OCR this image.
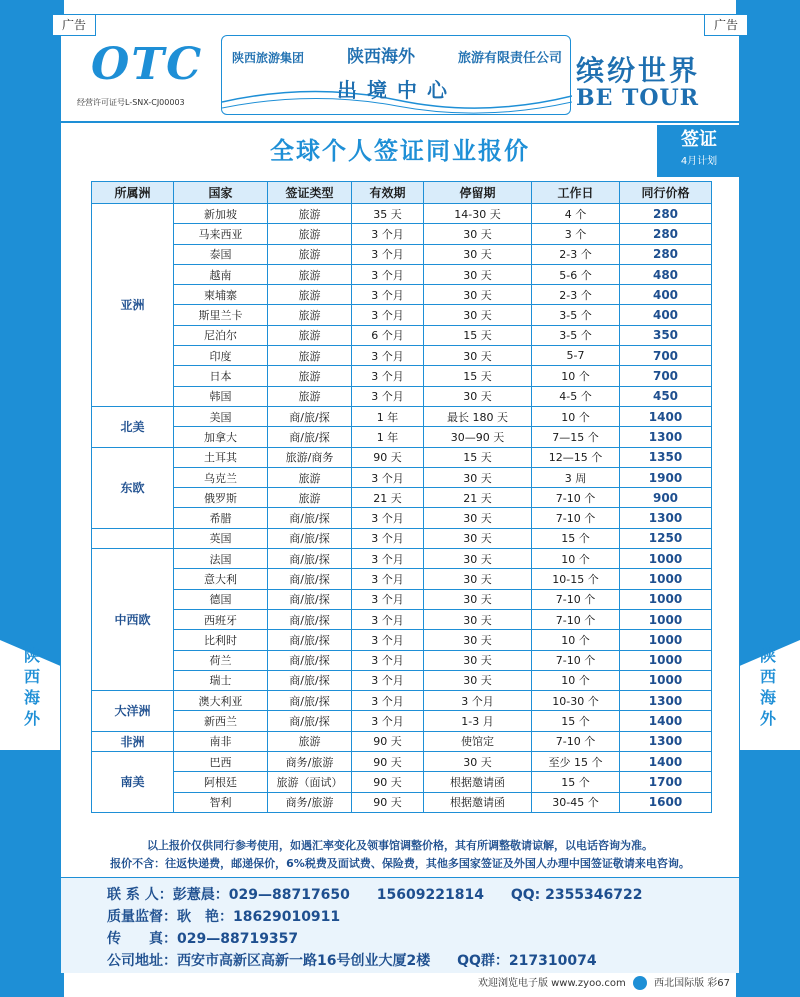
广告	广告
OTC
经营许可证号L-SNX-CJ00003
陕西旅游集团	陕西海外	旅游有限责任公司
出境中心
缤纷世界
BE TOUR
全球个人签证同业报价
所属洲	国家	签证类型	有效期	停留期	工作日	同行价格
亚洲	新加坡	旅游	35 天	14-30 天	4 个	280
	马来西亚	旅游	3 个月	30 天	3 个	280
	泰国	旅游	3 个月	30 天	2-3 个	280
	越南	旅游	3 个月	30 天	5-6 个	480
	柬埔寨	旅游	3 个月	30 天	2-3 个	400
	斯里兰卡	旅游	3 个月	30 天	3-5 个	400
	尼泊尔	旅游	6 个月	15 天	3-5 个	350
	印度	旅游	3 个月	30 天	5-7	700
	日本	旅游	3 个月	15 天	10 个	700
	韩国	旅游	3 个月	30 天	4-5 个	450
北美	美国	商/旅/探	1 年	最长 180 天	10 个	1400
	加拿大	商/旅/探	1 年	30—90 天	7—15 个	1300
东欧	土耳其	旅游/商务	90 天	15 天	12—15 个	1350
	乌克兰	旅游	3 个月	30 天	3 周	1900
	俄罗斯	旅游	21 天	21 天	7-10 个	900
	希腊	商/旅/探	3 个月	30 天	7-10 个	1300
	英国	商/旅/探	3 个月	30 天	15 个	1250
中西欧	法国	商/旅/探	3 个月	30 天	10 个	1000
	意大利	商/旅/探	3 个月	30 天	10-15 个	1000
	德国	商/旅/探	3 个月	30 天	7-10 个	1000
	西班牙	商/旅/探	3 个月	30 天	7-10 个	1000
	比利时	商/旅/探	3 个月	30 天	10 个	1000
	荷兰	商/旅/探	3 个月	30 天	7-10 个	1000
	瑞士	商/旅/探	3 个月	30 天	10 个	1000
大洋洲	澳大利亚	商/旅/探	3 个月	3 个月	10-30 个	1300
	新西兰	商/旅/探	3 个月	1-3 月	15 个	1400
非洲	南非	旅游	90 天	使馆定	7-10 个	1300
南美	巴西	商务/旅游	90 天	30 天	至少 15 个	1400
	阿根廷	旅游（面试）	90 天	根据邀请函	15 个	1700
	智利	商务/旅游	90 天	根据邀请函	30-45 个	1600
以上报价仅供同行参考使用，如遇汇率变化及领事馆调整价格，其有所调整敬请谅解，以电话咨询为准。
报价不含：往返快递费，邮递保价，6%税费及面试费、保险费，其他多国家签证及外国人办理中国签证敬请来电咨询。
联 系 人：彭薏晨：029—88717650 15609221814 QQ: 2355346722
质量监督：耿　艳：18629010911
传　　真：029—88719357
公司地址：西安市高新区高新一路16号创业大厦2楼 QQ群：217310074
签证
4月计划
陕
西
海
外
陕
西
海
外
欢迎浏览电子版 www.zyoo.com	西北国际版 彩67
